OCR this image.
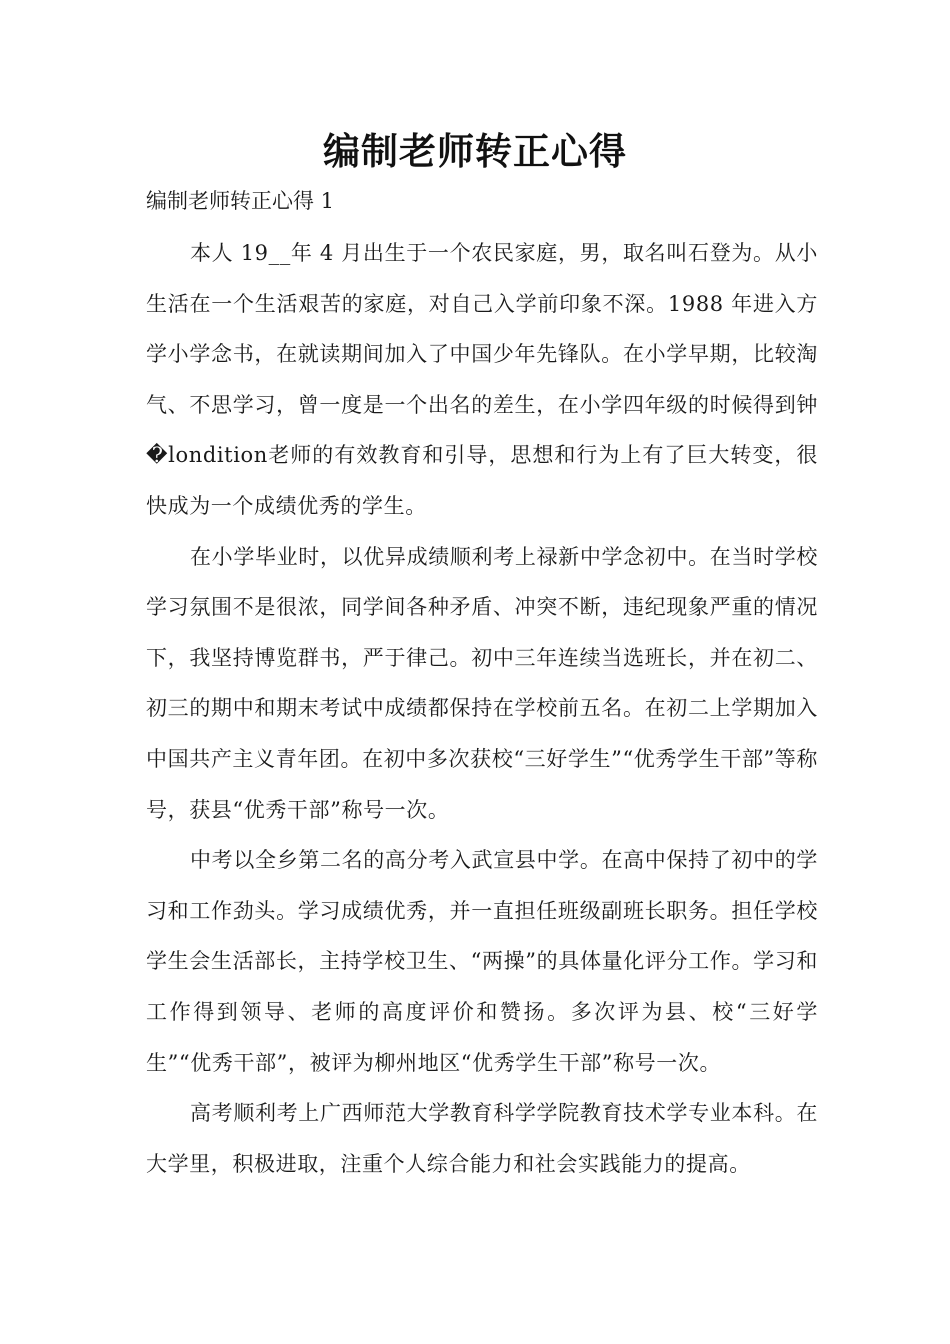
编制老师转正心得

编制老师转正心得 1

本人 19__年 4 月出生于一个农民家庭，男，取名叫石登为。从小生活在一个生活艰苦的家庭，对自己入学前印象不深。1988 年进入方学小学念书，在就读期间加入了中国少年先锋队。在小学早期，比较淘气、不思学习，曾一度是一个出名的差生，在小学四年级的时候得到钟�londition老师的有效教育和引导，思想和行为上有了巨大转变，很快成为一个成绩优秀的学生。

在小学毕业时，以优异成绩顺利考上禄新中学念初中。在当时学校学习氛围不是很浓，同学间各种矛盾、冲突不断，违纪现象严重的情况下，我坚持博览群书，严于律己。初中三年连续当选班长，并在初二、初三的期中和期末考试中成绩都保持在学校前五名。在初二上学期加入中国共产主义青年团。在初中多次获校“三好学生”“优秀学生干部”等称号，获县“优秀干部”称号一次。

中考以全乡第二名的高分考入武宣县中学。在高中保持了初中的学习和工作劲头。学习成绩优秀，并一直担任班级副班长职务。担任学校学生会生活部长，主持学校卫生、“两操”的具体量化评分工作。学习和工作得到领导、老师的高度评价和赞扬。多次评为县、校“三好学生”“优秀干部”，被评为柳州地区“优秀学生干部”称号一次。

高考顺利考上广西师范大学教育科学学院教育技术学专业本科。在大学里，积极进取，注重个人综合能力和社会实践能力的提高。
